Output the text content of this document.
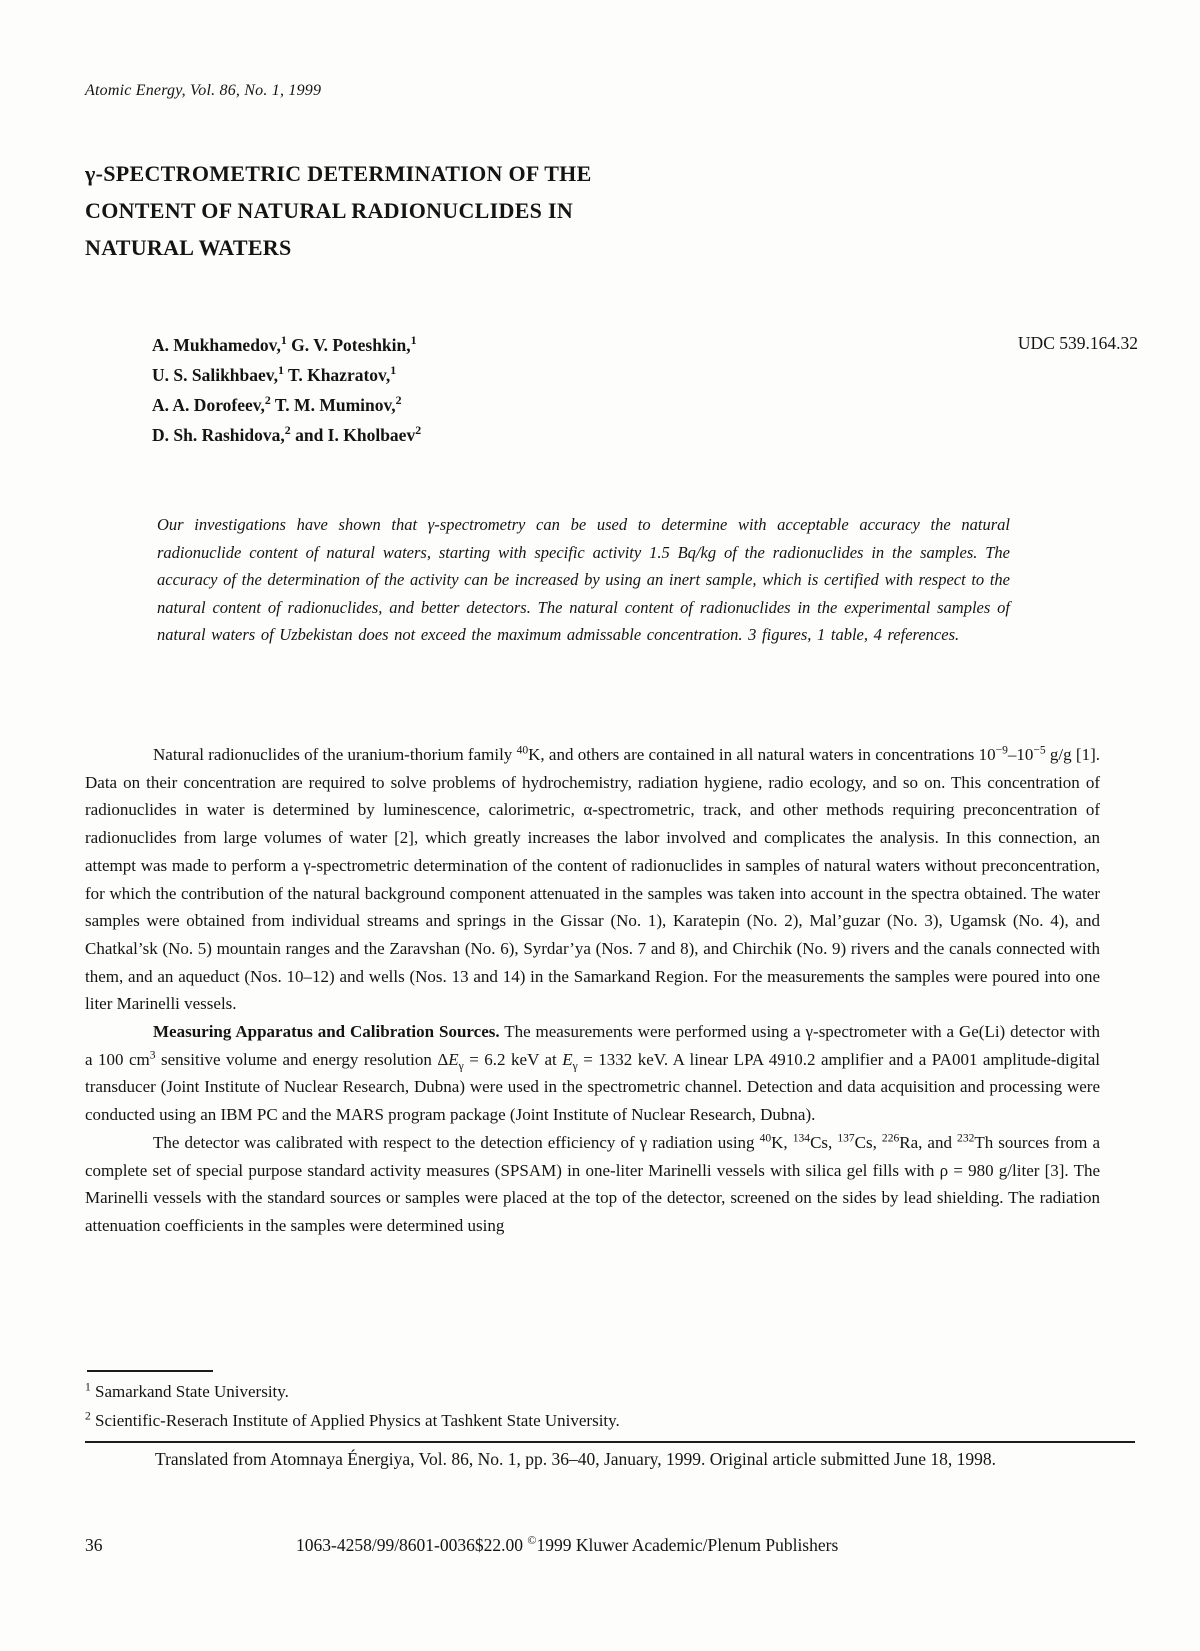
Atomic Energy, Vol. 86, No. 1, 1999
γ-SPECTROMETRIC DETERMINATION OF THE
CONTENT OF NATURAL RADIONUCLIDES IN
NATURAL WATERS
A. Mukhamedov,$^1$ G. V. Poteshkin,$^1$
U. S. Salikhbaev,$^1$ T. Khazratov,$^1$
A. A. Dorofeev,$^2$ T. M. Muminov,$^2$
D. Sh. Rashidova,$^2$ and I. Kholbaev$^2$
UDC 539.164.32
Our investigations have shown that γ-spectrometry can be used to determine with acceptable accuracy the natural radionuclide content of natural waters, starting with specific activity 1.5 Bq/kg of the radionuclides in the samples. The accuracy of the determination of the activity can be increased by using an inert sample, which is certified with respect to the natural content of radionuclides, and better detectors. The natural content of radionuclides in the experimental samples of natural waters of Uzbekistan does not exceed the maximum admissable concentration. 3 figures, 1 table, 4 references.

Natural radionuclides of the uranium-thorium family $^{40}$K, and others are contained in all natural waters in concentrations $10^{-9}-10^{-5}$ g/g [1]. Data on their concentration are required to solve problems of hydrochemistry, radiation hygiene, radio ecology, and so on. This concentration of radionuclides in water is determined by luminescence, calorimetric, α-spectrometric, track, and other methods requiring preconcentration of radionuclides from large volumes of water [2], which greatly increases the labor involved and complicates the analysis. In this connection, an attempt was made to perform a γ-spectrometric determination of the content of radionuclides in samples of natural waters without preconcentration, for which the contribution of the natural background component attenuated in the samples was taken into account in the spectra obtained. The water samples were obtained from individual streams and springs in the Gissar (No. 1), Karatepin (No. 2), Mal’guzar (No. 3), Ugamsk (No. 4), and Chatkal’sk (No. 5) mountain ranges and the Zaravshan (No. 6), Syrdar’ya (Nos. 7 and 8), and Chirchik (No. 9) rivers and the canals connected with them, and an aqueduct (Nos. 10–12) and wells (Nos. 13 and 14) in the Samarkand Region. For the measurements the samples were poured into one liter Marinelli vessels.

Measuring Apparatus and Calibration Sources. The measurements were performed using a γ-spectrometer with a Ge(Li) detector with a 100 $cm^3$ sensitive volume and energy resolution $\Delta E_\gamma = 6.2$ keV at $E_\gamma = 1332$ keV. A linear LPA 4910.2 amplifier and a PA001 amplitude-digital transducer (Joint Institute of Nuclear Research, Dubna) were used in the spectrometric channel. Detection and data acquisition and processing were conducted using an IBM PC and the MARS program package (Joint Institute of Nuclear Research, Dubna).

The detector was calibrated with respect to the detection efficiency of γ radiation using $^{40}$K, $^{134}$Cs, $^{137}$Cs, $^{226}$Ra, and $^{232}$Th sources from a complete set of special purpose standard activity measures (SPSAM) in one-liter Marinelli vessels with silica gel fills with ρ = 980 g/liter [3]. The Marinelli vessels with the standard sources or samples were placed at the top of the detector, screened on the sides by lead shielding. The radiation attenuation coefficients in the samples were determined using

$^1$ Samarkand State University.
$^2$ Scientific-Reserach Institute of Applied Physics at Tashkent State University.
Translated from Atomnaya Énergiya, Vol. 86, No. 1, pp. 36–40, January, 1999. Original article submitted June 18, 1998.
36	1063-4258/99/8601-0036$22.00 ©1999 Kluwer Academic/Plenum Publishers
